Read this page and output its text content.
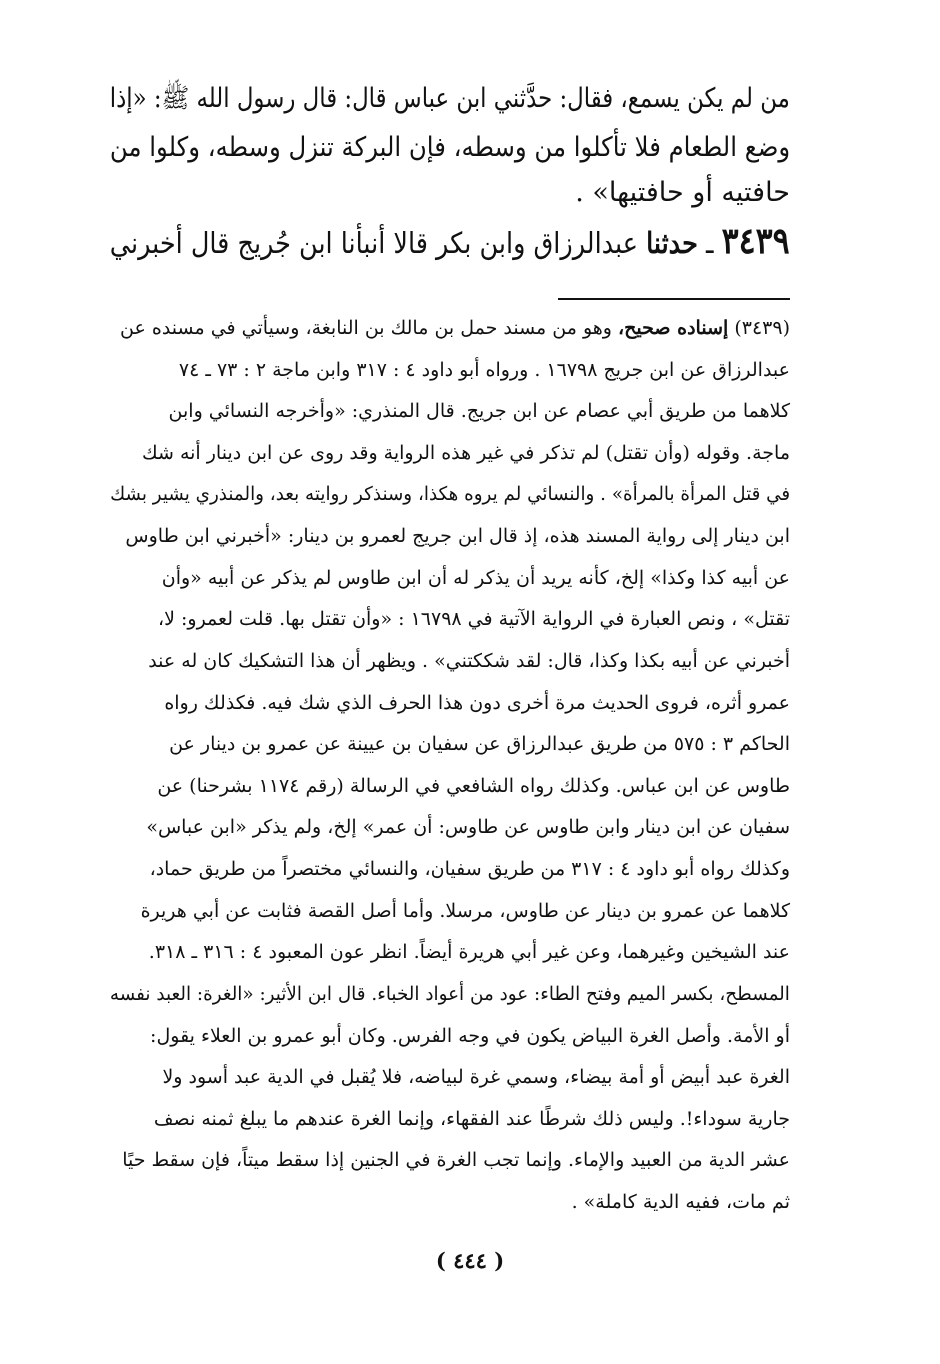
من لم يكن يسمع، فقال: حدَّثني ابن عباس قال: قال رسول الله ﷺ: «إذا
وضع الطعام فلا تأكلوا من وسطه، فإن البركة تنزل وسطه، وكلوا من
حافتيه أو حافتيها» .
٣٤٣٩ ـ حدثنا عبدالرزاق وابن بكر قالا أنبأنا ابن جُريج قال أخبرني
(٣٤٣٩) إسناده صحيح، وهو من مسند حمل بن مالك بن النابغة، وسيأتي في مسنده عن
عبدالرزاق عن ابن جريج ١٦٧٩٨ . ورواه أبو داود ٤ : ٣١٧ وابن ماجة ٢ : ٧٣ ـ ٧٤
كلاهما من طريق أبي عصام عن ابن جريج. قال المنذري: «وأخرجه النسائي وابن
ماجة. وقوله (وأن تقتل) لم تذكر في غير هذه الرواية وقد روى عن ابن دينار أنه شك
في قتل المرأة بالمرأة» . والنسائي لم يروه هكذا، وسنذكر روايته بعد، والمنذري يشير بشك
ابن دينار إلى رواية المسند هذه، إذ قال ابن جريج لعمرو بن دينار: «أخبرني ابن طاوس
عن أبيه كذا وكذا» إلخ، كأنه يريد أن يذكر له أن ابن طاوس لم يذكر عن أبيه «وأن
تقتل» ، ونص العبارة في الرواية الآتية في ١٦٧٩٨ : «وأن تقتل بها. قلت لعمرو: لا،
أخبرني عن أبيه بكذا وكذا، قال: لقد شككتني» . ويظهر أن هذا التشكيك كان له عند
عمرو أثره، فروى الحديث مرة أخرى دون هذا الحرف الذي شك فيه. فكذلك رواه
الحاكم ٣ : ٥٧٥ من طريق عبدالرزاق عن سفيان بن عيينة عن عمرو بن دينار عن
طاوس عن ابن عباس. وكذلك رواه الشافعي في الرسالة (رقم ١١٧٤ بشرحنا) عن
سفيان عن ابن دينار وابن طاوس عن طاوس: أن عمر» إلخ، ولم يذكر «ابن عباس»
وكذلك رواه أبو داود ٤ : ٣١٧ من طريق سفيان، والنسائي مختصراً من طريق حماد،
كلاهما عن عمرو بن دينار عن طاوس، مرسلا. وأما أصل القصة فثابت عن أبي هريرة
عند الشيخين وغيرهما، وعن غير أبي هريرة أيضاً. انظر عون المعبود ٤ : ٣١٦ ـ ٣١٨.
المسطح، بكسر الميم وفتح الطاء: عود من أعواد الخباء. قال ابن الأثير: «الغرة: العبد نفسه
أو الأمة. وأصل الغرة البياض يكون في وجه الفرس. وكان أبو عمرو بن العلاء يقول:
الغرة عبد أبيض أو أمة بيضاء، وسمي غرة لبياضه، فلا يُقبل في الدية عبد أسود ولا
جارية سوداء!. وليس ذلك شرطًا عند الفقهاء، وإنما الغرة عندهم ما يبلغ ثمنه نصف
عشر الدية من العبيد والإماء. وإنما تجب الغرة في الجنين إذا سقط ميتاً، فإن سقط حيًا
ثم مات، ففيه الدية كاملة» .
( ٤٤٤ )
